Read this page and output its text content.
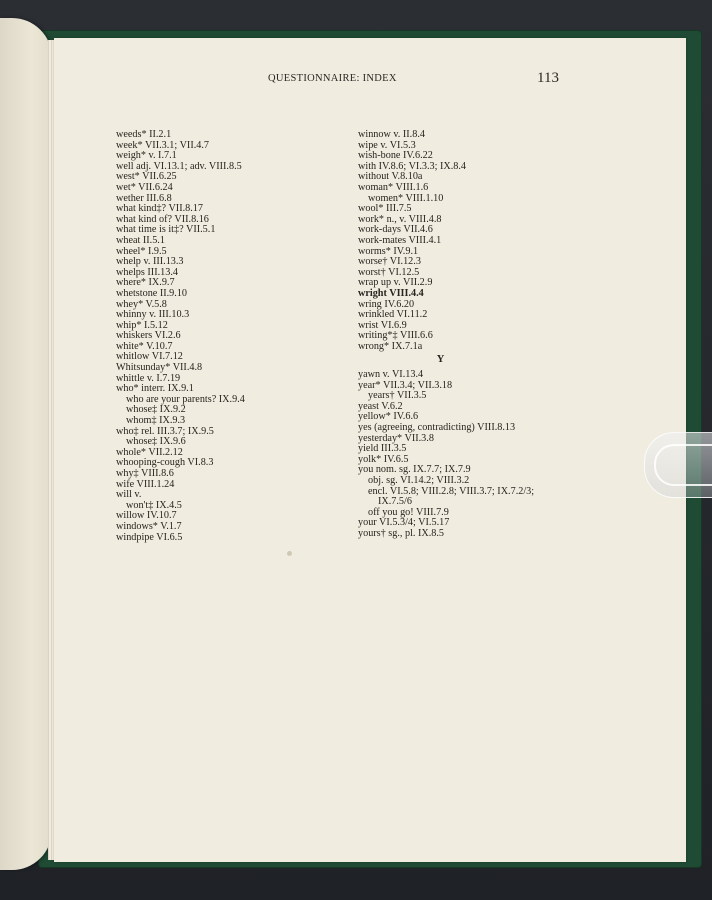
QUESTIONNAIRE: INDEX	113
weeds* II.2.1
week* VII.3.1; VII.4.7
weigh* v. I.7.1
well adj. VI.13.1; adv. VIII.8.5
west* VII.6.25
wet* VII.6.24
wether III.6.8
what kind‡? VII.8.17
what kind of? VII.8.16
what time is it‡? VII.5.1
wheat II.5.1
wheel* I.9.5
whelp v. III.13.3
whelps III.13.4
where* IX.9.7
whetstone II.9.10
whey* V.5.8
whinny v. III.10.3
whip* I.5.12
whiskers VI.2.6
white* V.10.7
whitlow VI.7.12
Whitsunday* VII.4.8
whittle v. I.7.19
who* interr. IX.9.1
who are your parents? IX.9.4
whose‡ IX.9.2
whom‡ IX.9.3
who‡ rel. III.3.7; IX.9.5
whose‡ IX.9.6
whole* VII.2.12
whooping-cough VI.8.3
why‡ VIII.8.6
wife VIII.1.24
will v.
won't‡ IX.4.5
willow IV.10.7
windows* V.1.7
windpipe VI.6.5
winnow v. II.8.4
wipe v. VI.5.3
wish-bone IV.6.22
with IV.8.6; VI.3.3; IX.8.4
without V.8.10a
woman* VIII.1.6
women* VIII.1.10
wool* III.7.5
work* n., v. VIII.4.8
work-days VII.4.6
work-mates VIII.4.1
worms* IV.9.1
worse† VI.12.3
worst† VI.12.5
wrap up v. VII.2.9
wright VIII.4.4
wring IV.6.20
wrinkled VI.11.2
wrist VI.6.9
writing*‡ VIII.6.6
wrong* IX.7.1a
Y
yawn v. VI.13.4
year* VII.3.4; VII.3.18
years† VII.3.5
yeast V.6.2
yellow* IV.6.6
yes (agreeing, contradicting) VIII.8.13
yesterday* VII.3.8
yield III.3.5
yolk* IV.6.5
you nom. sg. IX.7.7; IX.7.9
obj. sg. VI.14.2; VIII.3.2
encl. VI.5.8; VIII.2.8; VIII.3.7; IX.7.2/3;
IX.7.5/6
off you go! VIII.7.9
your VI.5.3/4; VI.5.17
yours† sg., pl. IX.8.5
